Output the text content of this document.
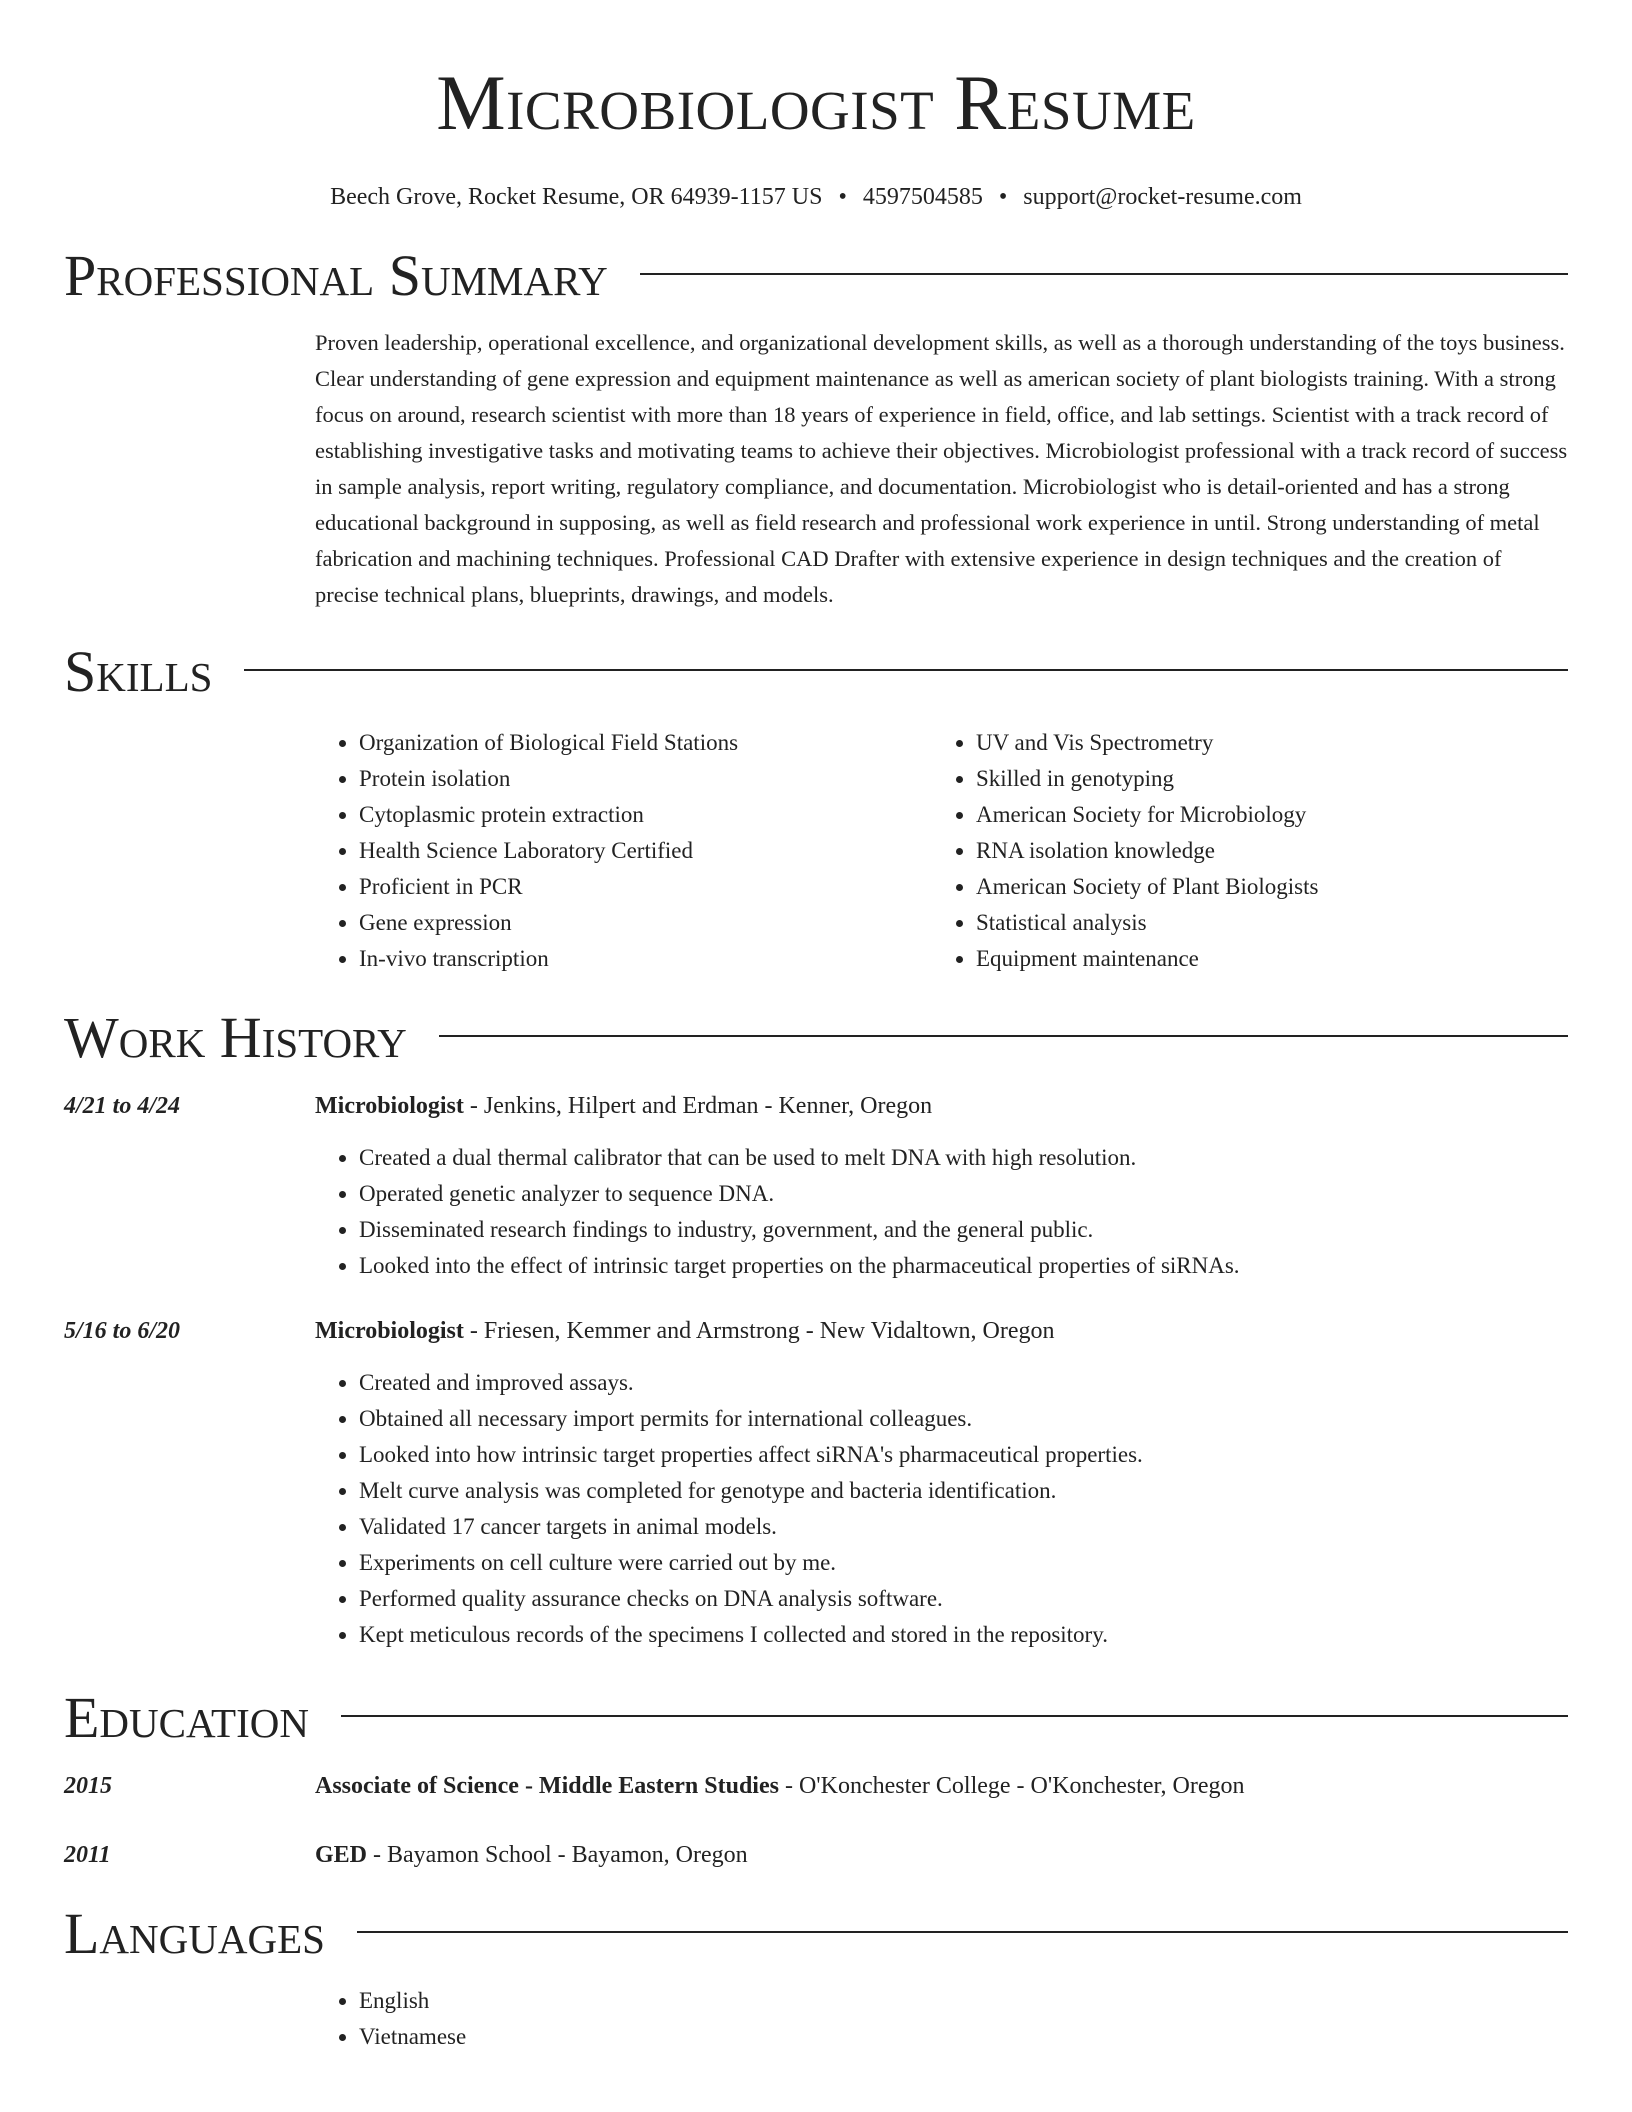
Microbiologist Resume
Beech Grove, Rocket Resume, OR 64939-1157 US • 4597504585 • support@rocket-resume.com
Professional Summary

Proven leadership, operational excellence, and organizational development skills, as well as a thorough understanding of the toys business. Clear understanding of gene expression and equipment maintenance as well as american society of plant biologists training. With a strong focus on around, research scientist with more than 18 years of experience in field, office, and lab settings. Scientist with a track record of establishing investigative tasks and motivating teams to achieve their objectives. Microbiologist professional with a track record of success in sample analysis, report writing, regulatory compliance, and documentation. Microbiologist who is detail-oriented and has a strong educational background in supposing, as well as field research and professional work experience in until. Strong understanding of metal fabrication and machining techniques. Professional CAD Drafter with extensive experience in design techniques and the creation of precise technical plans, blueprints, drawings, and models.

Skills
• Organization of Biological Field Stations
• Protein isolation
• Cytoplasmic protein extraction
• Health Science Laboratory Certified
• Proficient in PCR
• Gene expression
• In-vivo transcription
• UV and Vis Spectrometry
• Skilled in genotyping
• American Society for Microbiology
• RNA isolation knowledge
• American Society of Plant Biologists
• Statistical analysis
• Equipment maintenance
Work History
4/21 to 4/24	Microbiologist - Jenkins, Hilpert and Erdman - Kenner, Oregon
• Created a dual thermal calibrator that can be used to melt DNA with high resolution.
• Operated genetic analyzer to sequence DNA.
• Disseminated research findings to industry, government, and the general public.
• Looked into the effect of intrinsic target properties on the pharmaceutical properties of siRNAs.
5/16 to 6/20	Microbiologist - Friesen, Kemmer and Armstrong - New Vidaltown, Oregon
• Created and improved assays.
• Obtained all necessary import permits for international colleagues.
• Looked into how intrinsic target properties affect siRNA's pharmaceutical properties.
• Melt curve analysis was completed for genotype and bacteria identification.
• Validated 17 cancer targets in animal models.
• Experiments on cell culture were carried out by me.
• Performed quality assurance checks on DNA analysis software.
• Kept meticulous records of the specimens I collected and stored in the repository.
Education
2015	Associate of Science - Middle Eastern Studies - O'Konchester College - O'Konchester, Oregon
2011	GED - Bayamon School - Bayamon, Oregon
Languages
• English
• Vietnamese
